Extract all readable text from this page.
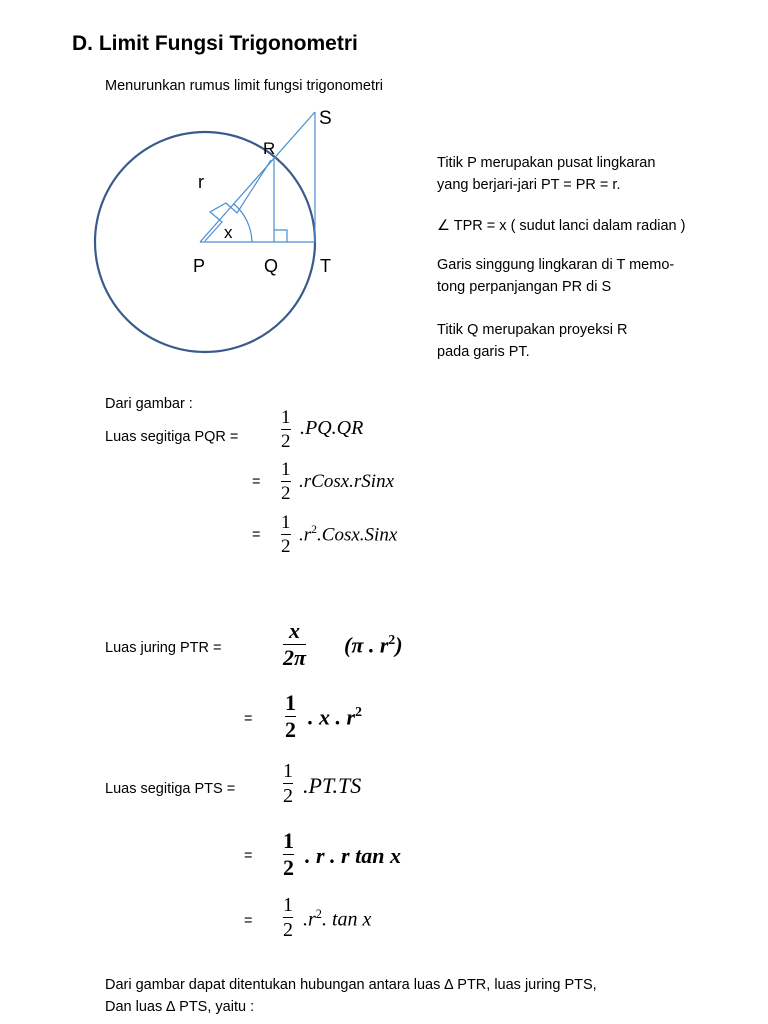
D. Limit Fungsi Trigonometri
Menurunkan rumus limit fungsi trigonometri
S
R
r
x
P	Q T
Titik P merupakan pusat lingkaran
yang berjari-jari PT = PR = r.
∠ TPR = x ( sudut lanci dalam radian )
Garis singgung lingkaran di T memo-
tong perpanjangan PR di S
Titik Q merupakan proyeksi R
pada garis PT.
Dari gambar :
Luas segitiga PQR =
1
2
.PQ.QR
=
1
2
.rCosx.rSinx
=
1
2
$.r^2.Cosx.Sinx$
Luas juring PTR =
x
2π
(π . $r^2$)
=
1
2
. x . $r^2$
Luas segitiga PTS =
1
2 .PT.TS
=
1
2 . r . r tan x
=
1
2 $.r^2$. tan x
Dari gambar dapat ditentukan hubungan antara luas ∆ PTR, luas juring PTS,
Dan luas ∆ PTS, yaitu :
